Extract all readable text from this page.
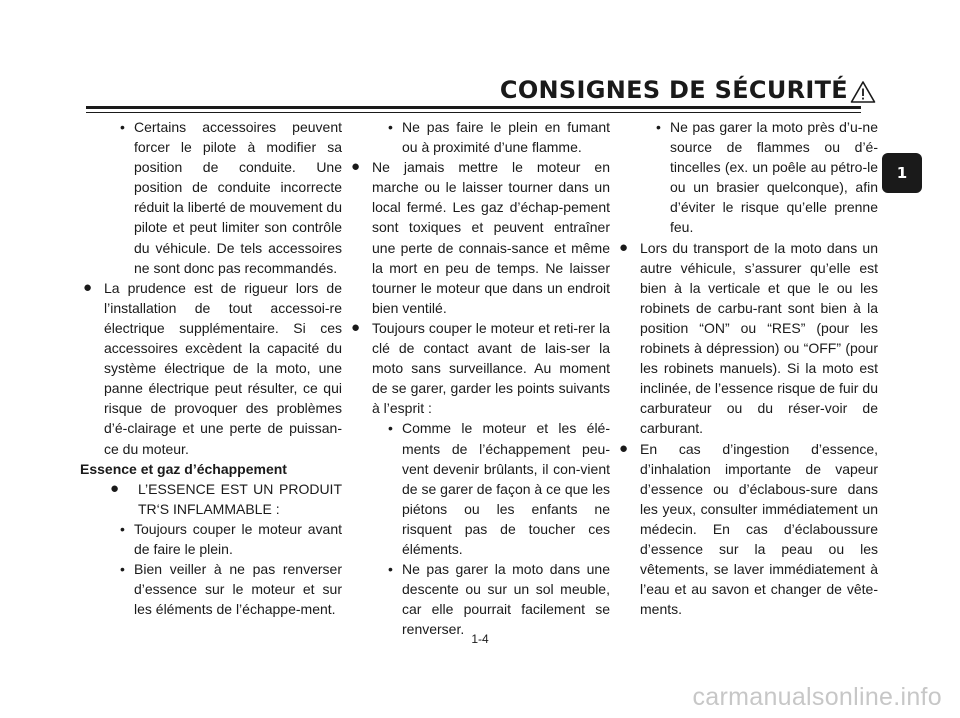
CONSIGNES DE SÉCURITÉ
1
• Certains accessoires peuvent forcer le pilote à modifier sa position de conduite. Une position de conduite incorrecte réduit la liberté de mouvement du pilote et peut limiter son contrôle du véhicule. De tels accessoires ne sont donc pas recommandés.
● La prudence est de rigueur lors de l’installation de tout accessoi-re électrique supplémentaire. Si ces accessoires excèdent la capacité du système électrique de la moto, une panne électrique peut résulter, ce qui risque de provoquer des problèmes d’é-clairage et une perte de puissan-ce du moteur.
Essence et gaz d’échappement
● L’ESSENCE EST UN PRODUIT TR‘S INFLAMMABLE :
• Toujours couper le moteur avant de faire le plein.
• Bien veiller à ne pas renverser d’essence sur le moteur et sur les éléments de l’échappe-ment.
• Ne pas faire le plein en fumant ou à proximité d’une flamme.
● Ne jamais mettre le moteur en marche ou le laisser tourner dans un local fermé. Les gaz d’échap-pement sont toxiques et peuvent entraîner une perte de connais-sance et même la mort en peu de temps. Ne laisser tourner le moteur que dans un endroit bien ventilé.
● Toujours couper le moteur et reti-rer la clé de contact avant de lais-ser la moto sans surveillance. Au moment de se garer, garder les points suivants à l’esprit :
• Comme le moteur et les élé-ments de l’échappement peu-vent devenir brûlants, il con-vient de se garer de façon à ce que les piétons ou les enfants ne risquent pas de toucher ces éléments.
• Ne pas garer la moto dans une descente ou sur un sol meuble, car elle pourrait facilement se renverser.
• Ne pas garer la moto près d’u-ne source de flammes ou d’é-tincelles (ex. un poêle au pétro-le ou un brasier quelconque), afin d’éviter le risque qu’elle prenne feu.
● Lors du transport de la moto dans un autre véhicule, s’assurer qu’elle est bien à la verticale et que le ou les robinets de carbu-rant sont bien à la position “ON” ou “RES” (pour les robinets à dépression) ou “OFF” (pour les robinets manuels). Si la moto est inclinée, de l’essence risque de fuir du carburateur ou du réser-voir de carburant.
● En cas d’ingestion d’essence, d’inhalation importante de vapeur d’essence ou d’éclabous-sure dans les yeux, consulter immédiatement un médecin. En cas d’éclaboussure d’essence sur la peau ou les vêtements, se laver immédiatement à l’eau et au savon et changer de vête-ments.
1-4
carmanualsonline.info
